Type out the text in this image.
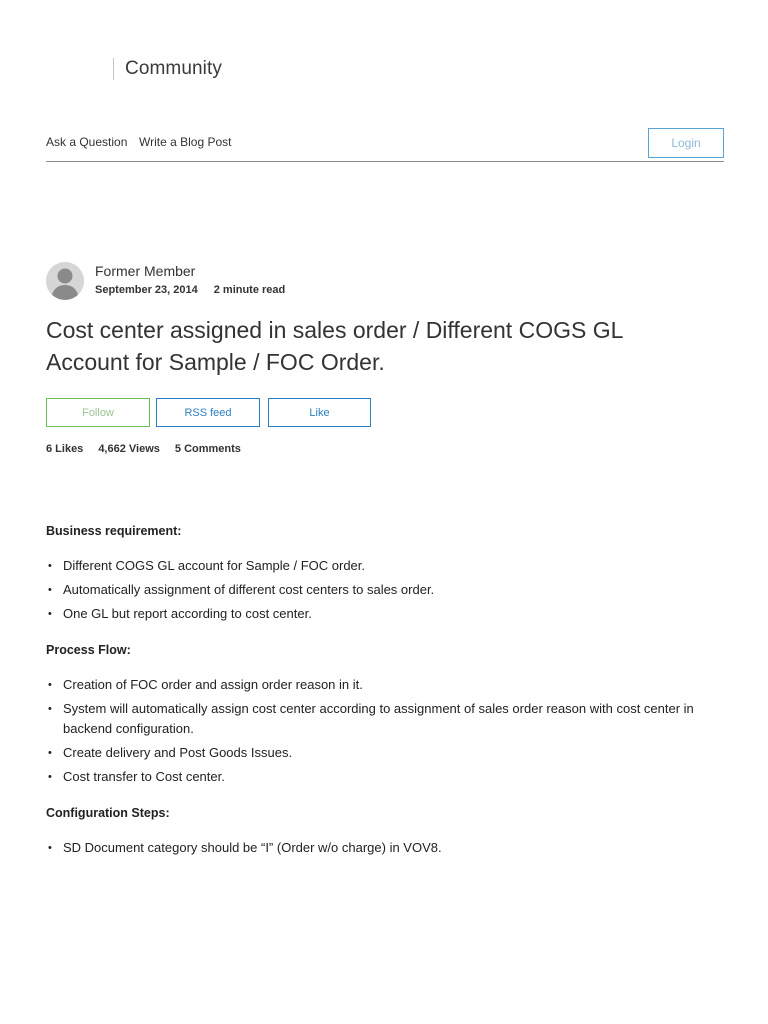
Community
Ask a Question Write a Blog Post	Login
Former Member
September 23, 2014 2 minute read
Cost center assigned in sales order / Different COGS GL Account for Sample / FOC Order.
Follow	RSS feed	Like
6 Likes 4,662 Views 5 Comments

Business requirement:

• Different COGS GL account for Sample / FOC order.
• Automatically assignment of different cost centers to sales order.
• One GL but report according to cost center.

Process Flow:

• Creation of FOC order and assign order reason in it.
• System will automatically assign cost center according to assignment of sales order reason with cost center in backend configuration.
• Create delivery and Post Goods Issues.
• Cost transfer to Cost center.

Configuration Steps:

• SD Document category should be “I” (Order w/o charge) in VOV8.
